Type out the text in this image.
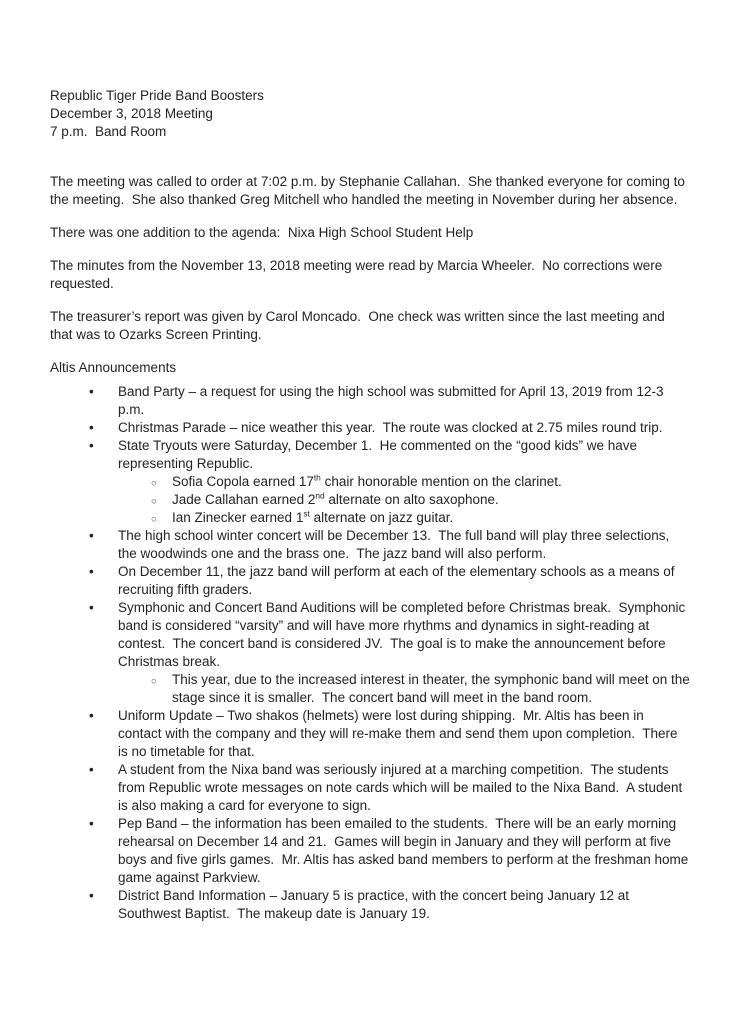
Republic Tiger Pride Band Boosters
December 3, 2018 Meeting
7 p.m.  Band Room

The meeting was called to order at 7:02 p.m. by Stephanie Callahan.  She thanked everyone for coming to the meeting.  She also thanked Greg Mitchell who handled the meeting in November during her absence.

There was one addition to the agenda:  Nixa High School Student Help

The minutes from the November 13, 2018 meeting were read by Marcia Wheeler.  No corrections were requested.

The treasurer’s report was given by Carol Moncado.  One check was written since the last meeting and that was to Ozarks Screen Printing.

Altis Announcements
• Band Party – a request for using the high school was submitted for April 13, 2019 from 12-3 p.m.
• Christmas Parade – nice weather this year.  The route was clocked at 2.75 miles round trip.
• State Tryouts were Saturday, December 1.  He commented on the “good kids” we have representing Republic.
○ Sofia Copola earned 17th chair honorable mention on the clarinet.
○ Jade Callahan earned 2nd alternate on alto saxophone.
○ Ian Zinecker earned 1st alternate on jazz guitar.
• The high school winter concert will be December 13.  The full band will play three selections, the woodwinds one and the brass one.  The jazz band will also perform.
• On December 11, the jazz band will perform at each of the elementary schools as a means of recruiting fifth graders.
• Symphonic and Concert Band Auditions will be completed before Christmas break.  Symphonic band is considered “varsity” and will have more rhythms and dynamics in sight-reading at contest.  The concert band is considered JV.  The goal is to make the announcement before Christmas break.
○ This year, due to the increased interest in theater, the symphonic band will meet on the stage since it is smaller.  The concert band will meet in the band room.
• Uniform Update – Two shakos (helmets) were lost during shipping.  Mr. Altis has been in contact with the company and they will re-make them and send them upon completion.  There is no timetable for that.
• A student from the Nixa band was seriously injured at a marching competition.  The students from Republic wrote messages on note cards which will be mailed to the Nixa Band.  A student is also making a card for everyone to sign.
• Pep Band – the information has been emailed to the students.  There will be an early morning rehearsal on December 14 and 21.  Games will begin in January and they will perform at five boys and five girls games.  Mr. Altis has asked band members to perform at the freshman home game against Parkview.
• District Band Information – January 5 is practice, with the concert being January 12 at Southwest Baptist.  The makeup date is January 19.
